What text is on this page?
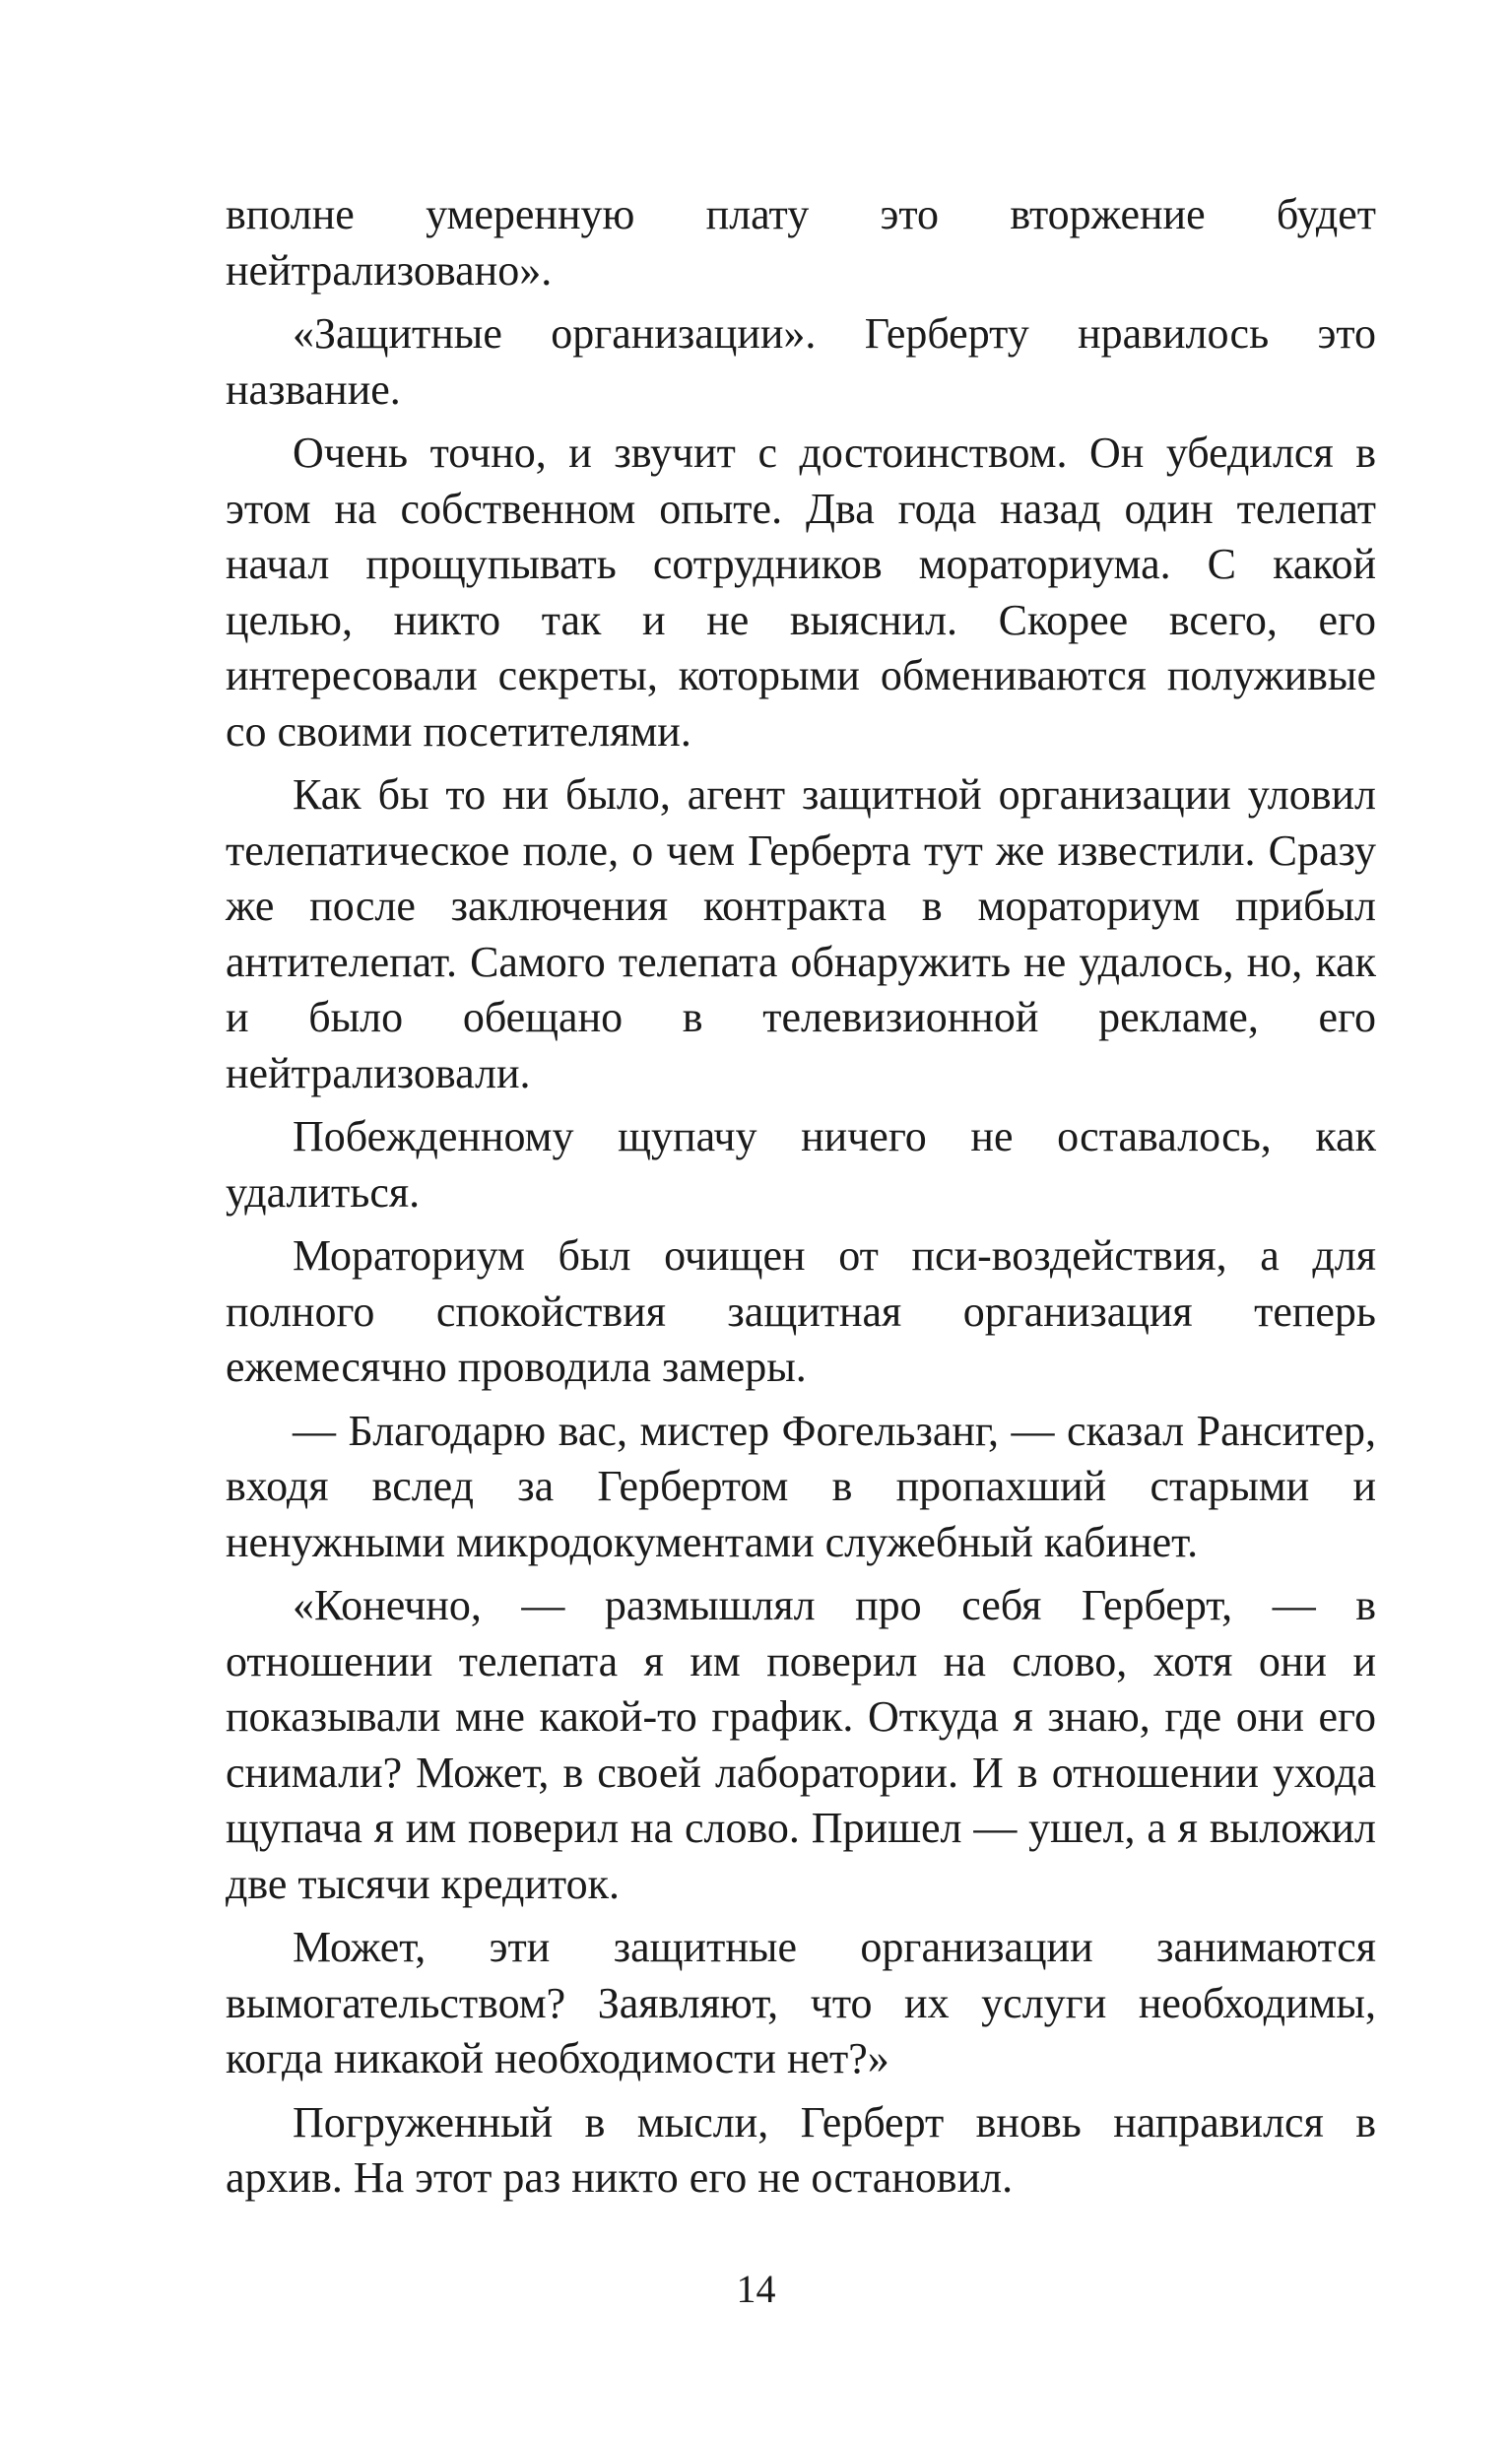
вполне умеренную плату это вторжение будет нейтрализовано».

«Защитные организации». Герберту нравилось это название.

Очень точно, и звучит с достоинством. Он убедился в этом на собственном опыте. Два года назад один телепат начал прощупывать сотрудников мораториума. С какой целью, никто так и не выяснил. Скорее всего, его интересовали секреты, которыми обмениваются полуживые со своими посетителями.

Как бы то ни было, агент защитной организации уловил телепатическое поле, о чем Герберта тут же известили. Сразу же после заключения контракта в мораториум прибыл антителепат. Самого телепата обнаружить не удалось, но, как и было обещано в телевизионной рекламе, его нейтрализовали.

Побежденному щупачу ничего не оставалось, как удалиться.

Мораториум был очищен от пси-воздействия, а для полного спокойствия защитная организация теперь ежемесячно проводила замеры.

— Благодарю вас, мистер Фогельзанг, — сказал Ранситер, входя вслед за Гербертом в пропахший старыми и ненужными микродокументами служебный кабинет.

«Конечно, — размышлял про себя Герберт, — в отношении телепата я им поверил на слово, хотя они и показывали мне какой-то график. Откуда я знаю, где они его снимали? Может, в своей лаборатории. И в отношении ухода щупача я им поверил на слово. Пришел — ушел, а я выложил две тысячи кредиток.

Может, эти защитные организации занимаются вымогательством? Заявляют, что их услуги необходимы, когда никакой необходимости нет?»

Погруженный в мысли, Герберт вновь направился в архив. На этот раз никто его не остановил.

14
